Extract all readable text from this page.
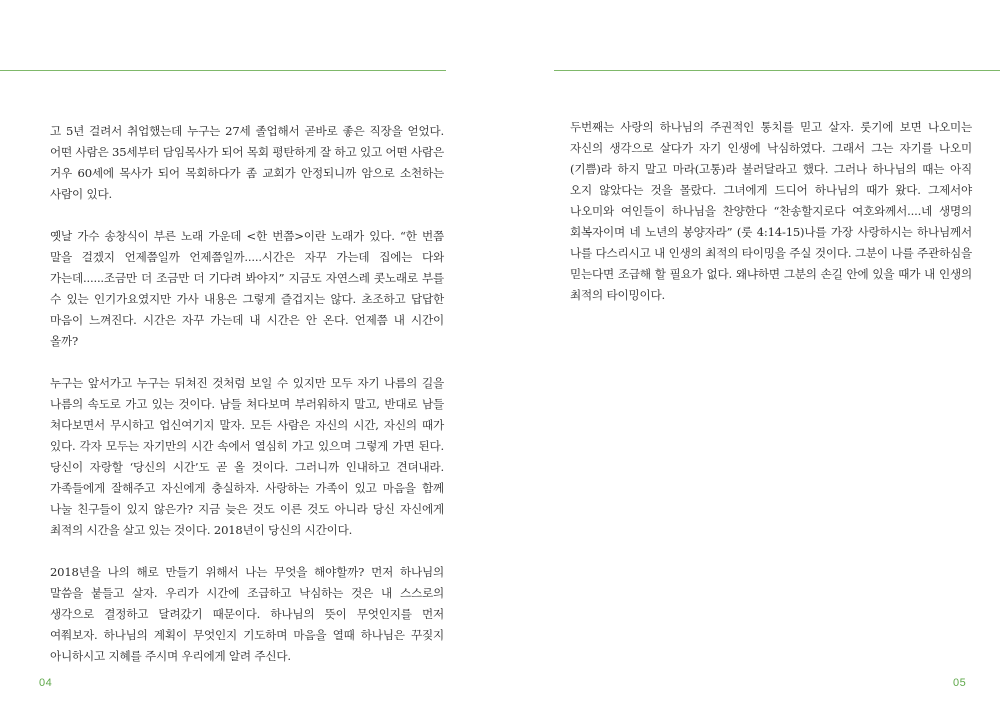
고 5년 걸려서 취업했는데 누구는 27세 졸업해서 곧바로 좋은 직장을 얻었다. 어떤 사람은 35세부터 담임목사가 되어 목회 평탄하게 잘 하고 있고 어떤 사람은 거우 60세에 목사가 되어 목회하다가 좀 교회가 안정되니까 암으로 소천하는 사람이 있다.

옛날 가수 송창식이 부른 노래 가운데 <한 번쯤>이란 노래가 있다. “한 번쯤 말을 걸겠지 언제쯤일까 언제쯤일까.....시간은 자꾸 가는데 집에는 다와 가는데......조금만 더 조금만 더 기다려 봐야지” 지금도 자연스레 콧노래로 부를 수 있는 인기가요였지만 가사 내용은 그렇게 즐겁지는 않다. 초조하고 답답한 마음이 느껴진다. 시간은 자꾸 가는데 내 시간은 안 온다. 언제쯤 내 시간이 올까?

누구는 앞서가고 누구는 뒤쳐진 것처럼 보일 수 있지만 모두 자기 나름의 길을 나름의 속도로 가고 있는 것이다. 남들 쳐다보며 부러워하지 말고, 반대로 남들 쳐다보면서 무시하고 업신여기지 말자. 모든 사람은 자신의 시간, 자신의 때가 있다. 각자 모두는 자기만의 시간 속에서 열심히 가고 있으며 그렇게 가면 된다. 당신이 자랑할 ‘당신의 시간’도 곧 올 것이다. 그러니까 인내하고 견뎌내라. 가족들에게 잘해주고 자신에게 충실하자. 사랑하는 가족이 있고 마음을 함께 나눌 친구들이 있지 않은가? 지금 늦은 것도 이른 것도 아니라 당신 자신에게 최적의 시간을 살고 있는 것이다. 2018년이 당신의 시간이다.

2018년을 나의 해로 만들기 위해서 나는 무엇을 해야할까? 먼저 하나님의 말씀을 붙들고 살자. 우리가 시간에 조급하고 낙심하는 것은 내 스스로의 생각으로 결정하고 달려갔기 때문이다. 하나님의 뜻이 무엇인지를 먼저 여쭤보자. 하나님의 계획이 무엇인지 기도하며 마음을 열때 하나님은 꾸짖지 아니하시고 지혜를 주시며 우리에게 알려 주신다.

두번째는 사랑의 하나님의 주권적인 통치를 믿고 살자. 룻기에 보면 나오미는 자신의 생각으로 살다가 자기 인생에 낙심하였다. 그래서 그는 자기를 나오미(기쁨)라 하지 말고 마라(고통)라 불러달라고 했다. 그러나 하나님의 때는 아직 오지 않았다는 것을 몰랐다. 그녀에게 드디어 하나님의 때가 왔다. 그제서야 나오미와 여인들이 하나님을 찬양한다 “찬송할지로다 여호와께서....네 생명의 회복자이며 네 노년의 봉양자라” (룻 4:14-15)나를 가장 사랑하시는 하나님께서 나를 다스리시고 내 인생의 최적의 타이밍을 주실 것이다. 그분이 나를 주관하심을 믿는다면 조급해 할 필요가 없다. 왜냐하면 그분의 손길 안에 있을 때가 내 인생의 최적의 타이밍이다.

04	05
